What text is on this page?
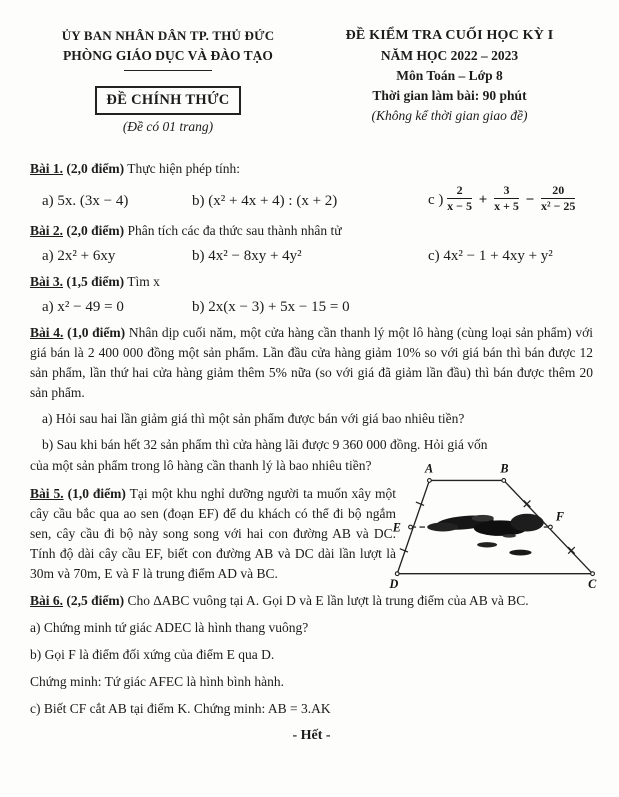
ỦY BAN NHÂN DÂN TP. THỦ ĐỨC
PHÒNG GIÁO DỤC VÀ ĐÀO TẠO
ĐỀ CHÍNH THỨC
(Đề có 01 trang)
ĐỀ KIỂM TRA CUỐI HỌC KỲ I
NĂM HỌC 2022 – 2023
Môn Toán – Lớp 8
Thời gian làm bài: 90 phút
(Không kể thời gian giao đề)

Bài 1. (2,0 điểm) Thực hiện phép tính:

a) 5x. (3x − 4)	b) (x² + 4x + 4) : (x + 2)	c ) $\frac{2}{x - 5} + \frac{3}{x + 5} - \frac{20}{\text{x² − 25}}$

Bài 2. (2,0 điểm) Phân tích các đa thức sau thành nhân tử

a) 2x² + 6xy	b) 4x² − 8xy + 4y²	c) 4x² − 1 + 4xy + y²

Bài 3. (1,5 điểm) Tìm x

a) x² − 49 = 0	b) 2x(x − 3) + 5x − 15 = 0

Bài 4. (1,0 điểm) Nhân dịp cuối năm, một cửa hàng cần thanh lý một lô hàng (cùng loại sản phẩm) với giá bán là 2 400 000 đồng một sản phẩm. Lần đầu cửa hàng giảm 10% so với giá bán thì bán được 12 sản phẩm, lần thứ hai cửa hàng giảm thêm 5% nữa (so với giá đã giảm lần đầu) thì bán được thêm 20 sản phẩm.

a) Hỏi sau hai lần giảm giá thì một sản phẩm được bán với giá bao nhiêu tiền?

b) Sau khi bán hết 32 sản phẩm thì cửa hàng lãi được 9 360 000 đồng. Hỏi giá vốn

của một sản phẩm trong lô hàng cần thanh lý là bao nhiêu tiền?

Bài 5. (1,0 điểm) Tại một khu nghỉ dưỡng người ta muốn xây một cây cầu bắc qua ao sen (đoạn EF) để du khách có thể đi bộ ngắm sen, cây cầu đi bộ này song song với hai con đường AB và DC. Tính độ dài cây cầu EF, biết con đường AB và DC dài lần lượt là 30m và 70m, E và F là trung điểm AD và BC.

A	B
E
F
D	C

Bài 6. (2,5 điểm) Cho ∆ABC vuông tại A. Gọi D và E lần lượt là trung điểm của AB và BC.

a) Chứng minh tứ giác ADEC là hình thang vuông?

b) Gọi F là điểm đối xứng của điểm E qua D.

Chứng minh: Tứ giác AFEC là hình bình hành.

c) Biết CF cắt AB tại điểm K. Chứng minh: AB = 3.AK

- Hết -
